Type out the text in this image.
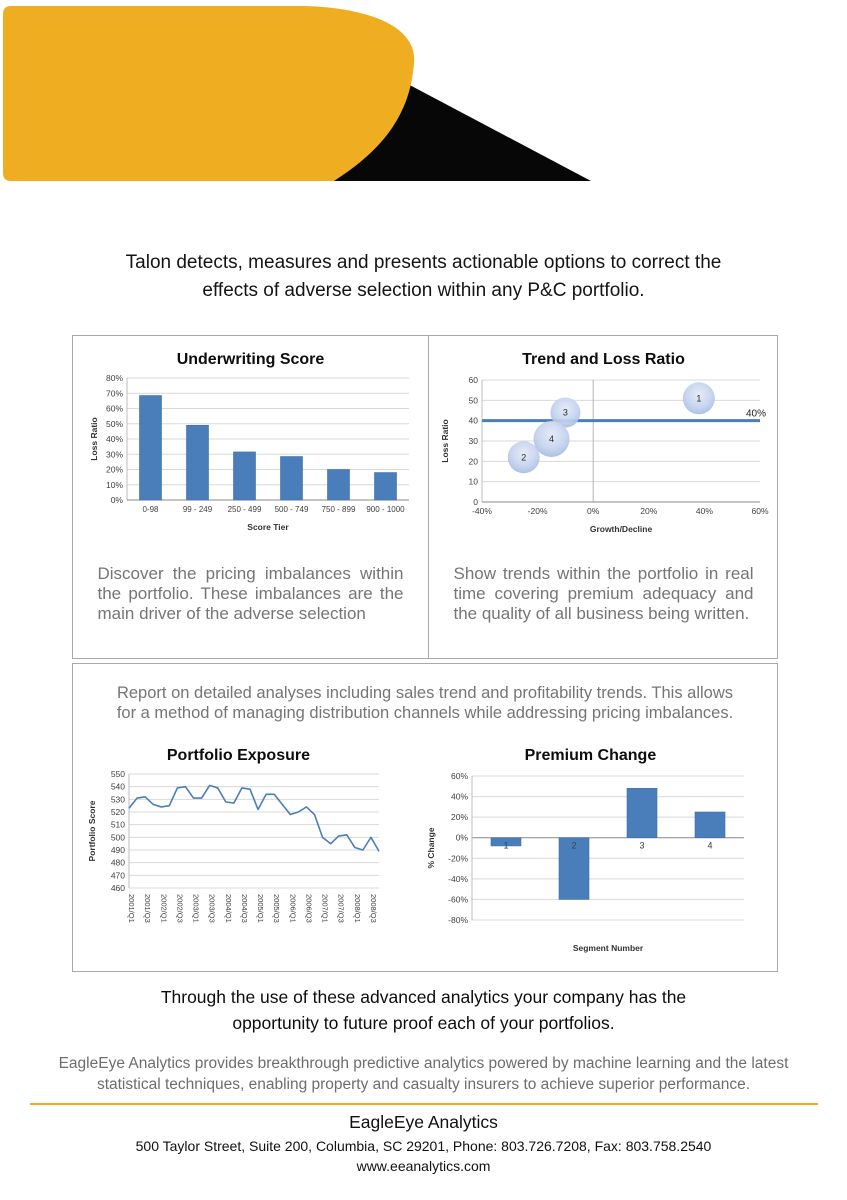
Talon detects, measures and presents actionable options to correct the
effects of adverse selection within any P&C portfolio.
Underwriting Score
0%
10%
20%
30%
40%
50%
60%
70%
80%
Loss Ratio
0-98	99 - 249 250 - 499 500 - 749 750 - 899 900 - 1000
Score Tier
Discover the pricing imbalances within the portfolio. These imbalances are the main driver of the adverse selection
Trend and Loss Ratio
0
10
20
30
40
50
60
Loss Ratio
-40%	-20%	0%	20%	40%	60%
40%
1
3
4
2
Growth/Decline
Show trends within the portfolio in real time covering premium adequacy and the quality of all business being written.
Report on detailed analyses including sales trend and profitability trends. This allows
for a method of managing distribution channels while addressing pricing imbalances.
Portfolio Exposure
460
470
480
490
500
510
520
530
540
550
Portfolio Score
2001/Q1 2001/Q3 2002/Q1 2002/Q3 2003/Q1 2003/Q3 2004/Q1 2004/Q3 2005/Q1 2005/Q3 2006/Q1 2006/Q3 2007/Q1 2007/Q3 2008/Q1 2008/Q3
Premium Change
-80%
-60%
-40%
-20%
0%
20%
40%
60%
% Change	1	2	3	4
Segment Number
Through the use of these advanced analytics your company has the
opportunity to future proof each of your portfolios.
EagleEye Analytics provides breakthrough predictive analytics powered by machine learning and the latest
statistical techniques, enabling property and casualty insurers to achieve superior performance.
EagleEye Analytics
500 Taylor Street, Suite 200, Columbia, SC 29201, Phone: 803.726.7208, Fax: 803.758.2540
www.eeanalytics.com
